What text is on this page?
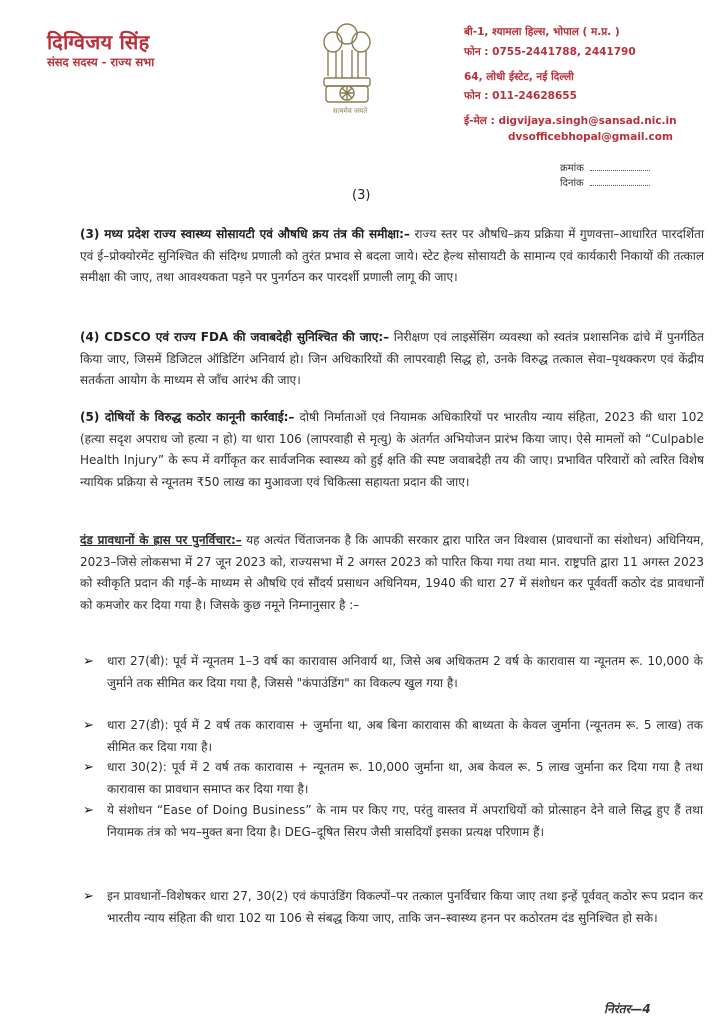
दिग्विजय सिंह
संसद सदस्य - राज्य सभा
सत्यमेव जयते
बी-1, श्यामला हिल्स, भोपाल ( म.प्र. )
फोन : 0755-2441788, 2441790
64, लोधी ईस्टेट, नई दिल्ली
फोन : 011-24628655
ई-मेल : digvijaya.singh@sansad.nic.in
dvsofficebhopal@gmail.com
क्रमांक
दिनांक
(3)
(3) मध्य प्रदेश राज्य स्वास्थ्य सोसायटी एवं औषधि क्रय तंत्र की समीक्षा:– राज्य स्तर पर औषधि–क्रय प्रक्रिया में गुणवत्ता–आधारित पारदर्शिता एवं ई–प्रोक्योरमेंट सुनिश्चित की संदिग्ध प्रणाली को तुरंत प्रभाव से बदला जाये। स्टेट हेल्थ सोसायटी के सामान्य एवं कार्यकारी निकायों की तत्काल समीक्षा की जाए, तथा आवश्यकता पड़ने पर पुनर्गठन कर पारदर्शी प्रणाली लागू की जाए।
(4) CDSCO एवं राज्य FDA की जवाबदेही सुनिश्चित की जाए:– निरीक्षण एवं लाइसेंसिंग व्यवस्था को स्वतंत्र प्रशासनिक ढांचे में पुनर्गठित किया जाए, जिसमें डिजिटल ऑडिटिंग अनिवार्य हो। जिन अधिकारियों की लापरवाही सिद्ध हो, उनके विरुद्ध तत्काल सेवा–पृथक्करण एवं केंद्रीय सतर्कता आयोग के माध्यम से जाँच आरंभ की जाए।
(5) दोषियों के विरुद्ध कठोर कानूनी कार्रवाई:– दोषी निर्माताओं एवं नियामक अधिकारियों पर भारतीय न्याय संहिता, 2023 की धारा 102 (हत्या सदृश अपराध जो हत्या न हो) या धारा 106 (लापरवाही से मृत्यु) के अंतर्गत अभियोजन प्रारंभ किया जाए। ऐसे मामलों को “Culpable Health Injury” के रूप में वर्गीकृत कर सार्वजनिक स्वास्थ्य को हुई क्षति की स्पष्ट जवाबदेही तय की जाए। प्रभावित परिवारों को त्वरित विशेष न्यायिक प्रक्रिया से न्यूनतम ₹50 लाख का मुआवजा एवं चिकित्सा सहायता प्रदान की जाए।
दंड प्रावधानों के ह्रास पर पुनर्विचार:– यह अत्यंत चिंताजनक है कि आपकी सरकार द्वारा पारित जन विश्वास (प्रावधानों का संशोधन) अधिनियम, 2023–जिसे लोकसभा में 27 जून 2023 को, राज्यसभा में 2 अगस्त 2023 को पारित किया गया तथा मान. राष्ट्रपति द्वारा 11 अगस्त 2023 को स्वीकृति प्रदान की गई–के माध्यम से औषधि एवं सौंदर्य प्रसाधन अधिनियम, 1940 की धारा 27 में संशोधन कर पूर्ववर्ती कठोर दंड प्रावधानों को कमजोर कर दिया गया है। जिसके कुछ नमूने निम्नानुसार है :–
➢ धारा 27(बी): पूर्व में न्यूनतम 1–3 वर्ष का कारावास अनिवार्य था, जिसे अब अधिकतम 2 वर्ष के कारावास या न्यूनतम रू. 10,000 के जुर्माने तक सीमित कर दिया गया है, जिससे "कंपाउंडिंग" का विकल्प खुल गया है।
➢ धारा 27(डी): पूर्व में 2 वर्ष तक कारावास + जुर्माना था, अब बिना कारावास की बाध्यता के केवल जुर्माना (न्यूनतम रू. 5 लाख) तक सीमित कर दिया गया है।
➢ धारा 30(2): पूर्व में 2 वर्ष तक कारावास + न्यूनतम रू. 10,000 जुर्माना था, अब केवल रू. 5 लाख जुर्माना कर दिया गया है तथा कारावास का प्रावधान समाप्त कर दिया गया है।
➢ ये संशोधन “Ease of Doing Business” के नाम पर किए गए, परंतु वास्तव में अपराधियों को प्रोत्साहन देने वाले सिद्ध हुए हैं तथा नियामक तंत्र को भय–मुक्त बना दिया है। DEG–दूषित सिरप जैसी त्रासदियाँ इसका प्रत्यक्ष परिणाम हैं।
➢ इन प्रावधानों–विशेषकर धारा 27, 30(2) एवं कंपाउंडिंग विकल्पों–पर तत्काल पुनर्विचार किया जाए तथा इन्हें पूर्ववत् कठोर रूप प्रदान कर भारतीय न्याय संहिता की धारा 102 या 106 से संबद्ध किया जाए, ताकि जन–स्वास्थ्य हनन पर कठोरतम दंड सुनिश्चित हो सके।
निरंतर—4
